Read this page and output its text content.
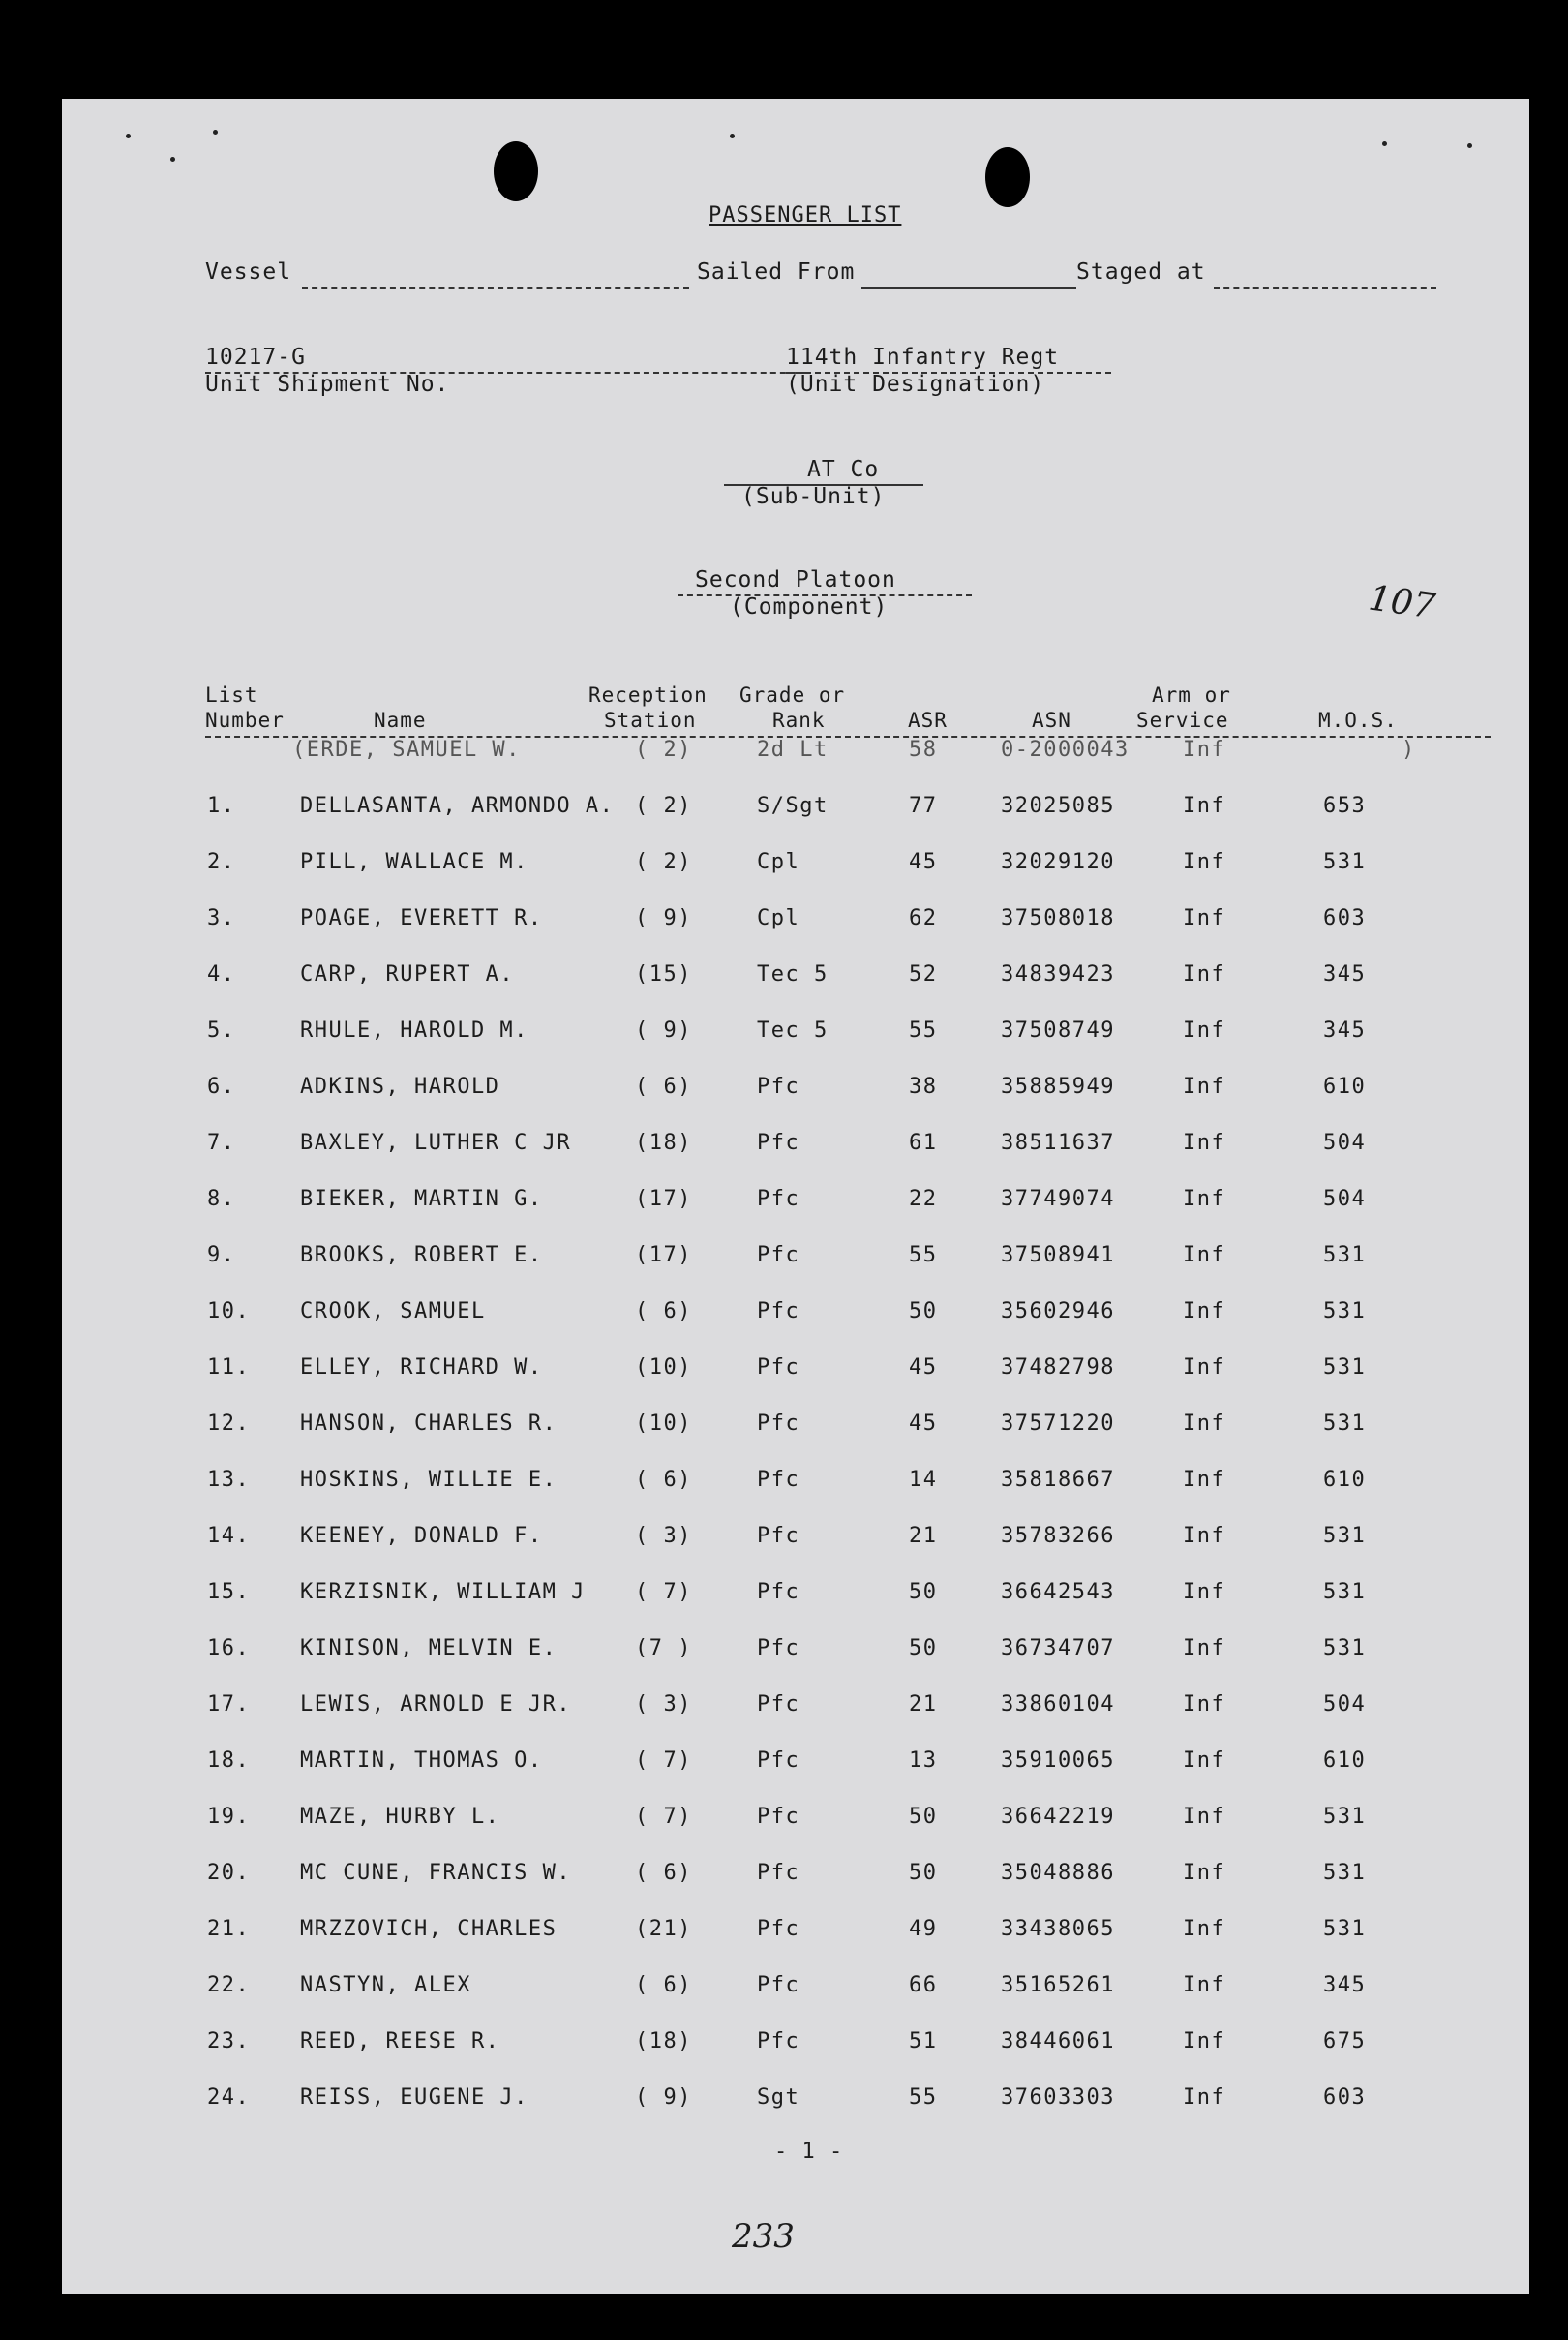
PASSENGER LIST
Vessel	Sailed From	Staged at
10217-G
Unit Shipment No.
114th Infantry Regt
(Unit Designation)
AT Co
(Sub-Unit)
Second Platoon
(Component)	107
List
Number	Name
Reception
Station
Grade or
Rank	ASR	ASN
Arm or
Service	M.O.S.
(ERDE, SAMUEL W.	( 2)	2d Lt	58	0-2000043	Inf	)
1.	DELLASANTA, ARMONDO A. ( 2)	S/Sgt	77	32025085	Inf	653
2.	PILL, WALLACE M.	( 2)	Cpl	45	32029120	Inf	531
3.	POAGE, EVERETT R.	( 9)	Cpl	62	37508018	Inf	603
4.	CARP, RUPERT A.	(15)	Tec 5	52	34839423	Inf	345
5.	RHULE, HAROLD M.	( 9)	Tec 5	55	37508749	Inf	345
6.	ADKINS, HAROLD	( 6)	Pfc	38	35885949	Inf	610
7.	BAXLEY, LUTHER C JR	(18)	Pfc	61	38511637	Inf	504
8.	BIEKER, MARTIN G.	(17)	Pfc	22	37749074	Inf	504
9.	BROOKS, ROBERT E.	(17)	Pfc	55	37508941	Inf	531
10. CROOK, SAMUEL	( 6)	Pfc	50	35602946	Inf	531
11. ELLEY, RICHARD W.	(10)	Pfc	45	37482798	Inf	531
12. HANSON, CHARLES R.	(10)	Pfc	45	37571220	Inf	531
13. HOSKINS, WILLIE E.	( 6)	Pfc	14	35818667	Inf	610
14. KEENEY, DONALD F.	( 3)	Pfc	21	35783266	Inf	531
15. KERZISNIK, WILLIAM J ( 7)	Pfc	50	36642543	Inf	531
16. KINISON, MELVIN E.	(7 )	Pfc	50	36734707	Inf	531
17. LEWIS, ARNOLD E JR.	( 3)	Pfc	21	33860104	Inf	504
18. MARTIN, THOMAS O.	( 7)	Pfc	13	35910065	Inf	610
19. MAZE, HURBY L.	( 7)	Pfc	50	36642219	Inf	531
20. MC CUNE, FRANCIS W.	( 6)	Pfc	50	35048886	Inf	531
21. MRZZOVICH, CHARLES	(21)	Pfc	49	33438065	Inf	531
22. NASTYN, ALEX	( 6)	Pfc	66	35165261	Inf	345
23. REED, REESE R.	(18)	Pfc	51	38446061	Inf	675
24. REISS, EUGENE J.	( 9)	Sgt	55	37603303	Inf	603
- 1 -
233
